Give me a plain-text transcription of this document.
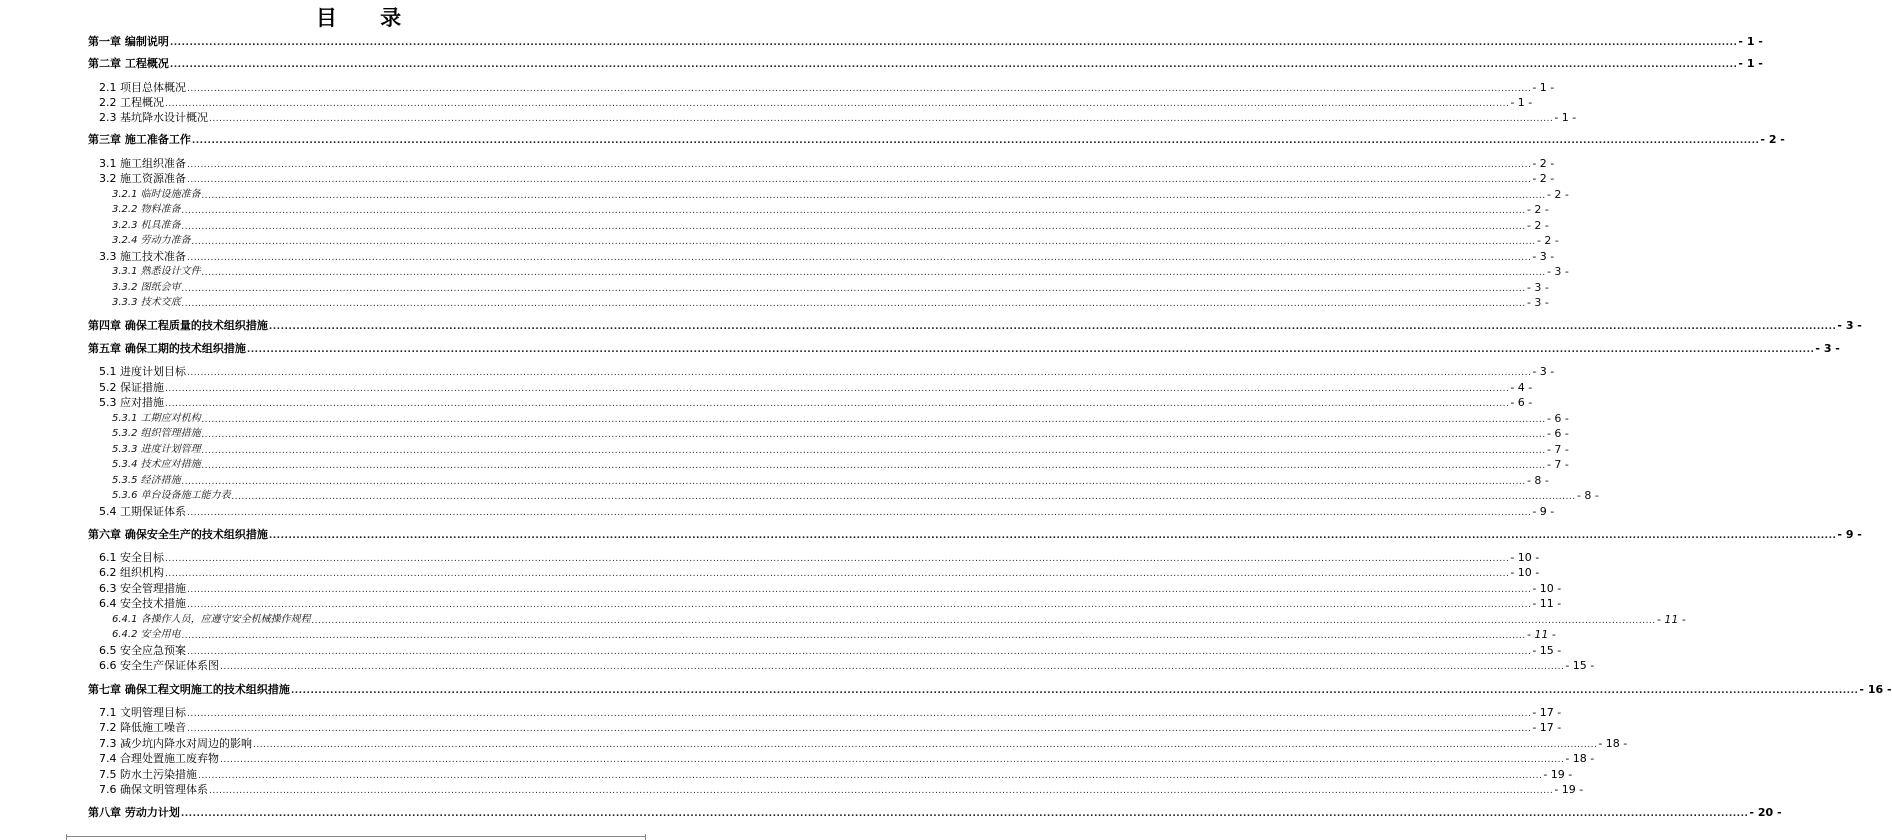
目 录
第一章 编制说明 ................................................................................................................................................................................................................................................................................................................................................................................................................ - 1 -
第二章 工程概况 ................................................................................................................................................................................................................................................................................................................................................................................................................ - 1 -
2.1 项目总体概况 ................................................................................................................................................................................................................................................................................................................................................................................................................ - 1 -
2.2 工程概况 ................................................................................................................................................................................................................................................................................................................................................................................................................ - 1 -
2.3 基坑降水设计概况 ................................................................................................................................................................................................................................................................................................................................................................................................................ - 1 -
第三章 施工准备工作 ................................................................................................................................................................................................................................................................................................................................................................................................................ - 2 -
3.1 施工组织准备 ................................................................................................................................................................................................................................................................................................................................................................................................................ - 2 -
3.2 施工资源准备 ................................................................................................................................................................................................................................................................................................................................................................................................................ - 2 -
3.2.1 临时设施准备 ................................................................................................................................................................................................................................................................................................................................................................................................................ - 2 -
3.2.2 物料准备 ................................................................................................................................................................................................................................................................................................................................................................................................................ - 2 -
3.2.3 机具准备 ................................................................................................................................................................................................................................................................................................................................................................................................................ - 2 -
3.2.4 劳动力准备 ................................................................................................................................................................................................................................................................................................................................................................................................................ - 2 -
3.3 施工技术准备 ................................................................................................................................................................................................................................................................................................................................................................................................................ - 3 -
3.3.1 熟悉设计文件 ................................................................................................................................................................................................................................................................................................................................................................................................................ - 3 -
3.3.2 图纸会审 ................................................................................................................................................................................................................................................................................................................................................................................................................ - 3 -
3.3.3 技术交底 ................................................................................................................................................................................................................................................................................................................................................................................................................ - 3 -
第四章 确保工程质量的技术组织措施 ................................................................................................................................................................................................................................................................................................................................................................................................................ - 3 -
第五章 确保工期的技术组织措施 ................................................................................................................................................................................................................................................................................................................................................................................................................ - 3 -
5.1 进度计划目标 ................................................................................................................................................................................................................................................................................................................................................................................................................ - 3 -
5.2 保证措施 ................................................................................................................................................................................................................................................................................................................................................................................................................ - 4 -
5.3 应对措施 ................................................................................................................................................................................................................................................................................................................................................................................................................ - 6 -
5.3.1 工期应对机构 ................................................................................................................................................................................................................................................................................................................................................................................................................ - 6 -
5.3.2 组织管理措施 ................................................................................................................................................................................................................................................................................................................................................................................................................ - 6 -
5.3.3 进度计划管理 ................................................................................................................................................................................................................................................................................................................................................................................................................ - 7 -
5.3.4 技术应对措施 ................................................................................................................................................................................................................................................................................................................................................................................................................ - 7 -
5.3.5 经济措施 ................................................................................................................................................................................................................................................................................................................................................................................................................ - 8 -
5.3.6 单台设备施工能力表 ................................................................................................................................................................................................................................................................................................................................................................................................................ - 8 -
5.4 工期保证体系 ................................................................................................................................................................................................................................................................................................................................................................................................................ - 9 -
第六章 确保安全生产的技术组织措施 ................................................................................................................................................................................................................................................................................................................................................................................................................ - 9 -
6.1 安全目标 ................................................................................................................................................................................................................................................................................................................................................................................................................ - 10 -
6.2 组织机构 ................................................................................................................................................................................................................................................................................................................................................................................................................ - 10 -
6.3 安全管理措施 ................................................................................................................................................................................................................................................................................................................................................................................................................ - 10 -
6.4 安全技术措施 ................................................................................................................................................................................................................................................................................................................................................................................................................ - 11 -
6.4.1 各操作人员，应遵守安全机械操作规程 ................................................................................................................................................................................................................................................................................................................................................................................................................ - 11 -
6.4.2 安全用电 ................................................................................................................................................................................................................................................................................................................................................................................................................ - 11 -
6.5 安全应急预案 ................................................................................................................................................................................................................................................................................................................................................................................................................ - 15 -
6.6 安全生产保证体系图 ................................................................................................................................................................................................................................................................................................................................................................................................................ - 15 -
第七章 确保工程文明施工的技术组织措施 ................................................................................................................................................................................................................................................................................................................................................................................................................ - 16 -
7.1 文明管理目标 ................................................................................................................................................................................................................................................................................................................................................................................................................ - 17 -
7.2 降低施工噪音 ................................................................................................................................................................................................................................................................................................................................................................................................................ - 17 -
7.3 减少坑内降水对周边的影响 ................................................................................................................................................................................................................................................................................................................................................................................................................ - 18 -
7.4 合理处置施工废弃物 ................................................................................................................................................................................................................................................................................................................................................................................................................ - 18 -
7.5 防水土污染措施 ................................................................................................................................................................................................................................................................................................................................................................................................................ - 19 -
7.6 确保文明管理体系 ................................................................................................................................................................................................................................................................................................................................................................................................................ - 19 -
第八章 劳动力计划 ................................................................................................................................................................................................................................................................................................................................................................................................................ - 20 -
